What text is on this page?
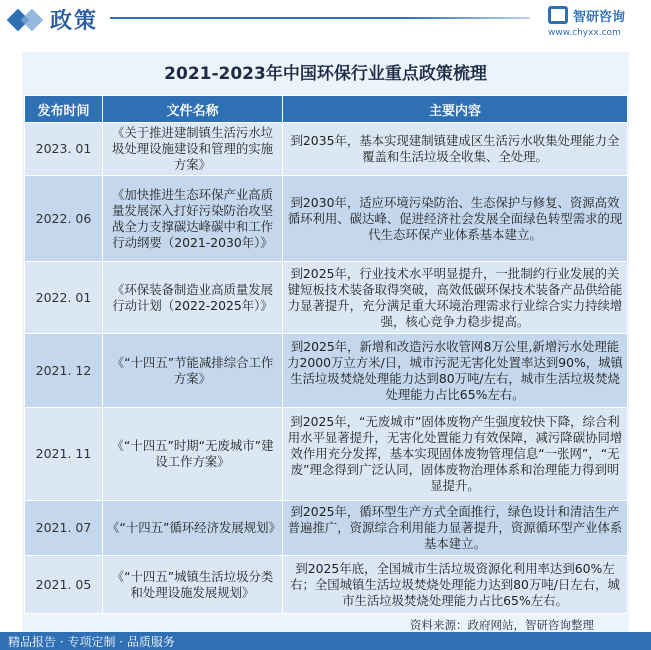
政策	智研咨询
www.chyxx.com
2021-2023年中国环保行业重点政策梳理
发布时间	文件名称	主要内容
2023. 01	《关于推进建制镇生活污水垃圾处理设施建设和管理的实施方案》	到2035年，基本实现建制镇建成区生活污水收集处理能力全覆盖和生活垃圾全收集、全处理。
2022. 06	《加快推进生态环保产业高质量发展深入打好污染防治攻坚战全力支撑碳达峰碳中和工作行动纲要（2021-2030年）》	到2030年，适应环境污染防治、生态保护与修复、资源高效循环利用、碳达峰、促进经济社会发展全面绿色转型需求的现代生态环保产业体系基本建立。
2022. 01	《环保装备制造业高质量发展行动计划（2022-2025年）》	到2025年，行业技术水平明显提升，一批制约行业发展的关键短板技术装备取得突破，高效低碳环保技术装备产品供给能力显著提升，充分满足重大环境治理需求行业综合实力持续增强，核心竞争力稳步提高。
2021. 12	《“十四五”节能减排综合工作方案》	到2025年，新增和改造污水收管网8万公里,新增污水处理能力2000万立方米/日，城市污泥无害化处置率达到90%，城镇生活垃圾焚烧处理能力达到80万吨/左右，城市生活垃圾焚烧处理能力占比65%左右。
2021. 11	《“十四五”时期“无废城市”建设工作方案》	到2025年，“无废城市”固体废物产生强度较快下降，综合利用水平显著提升，无害化处置能力有效保障，减污降碳协同增效作用充分发挥，基本实现固体废物管理信息“一张网”，“无废”理念得到广泛认同，固体废物治理体系和治理能力得到明显提升。
2021. 07	《“十四五”循环经济发展规划》	到2025年，循环型生产方式全面推行，绿色设计和清洁生产普遍推广，资源综合利用能力显著提升，资源循环型产业体系基本建立。
2021. 05	《“十四五”城镇生活垃圾分类和处理设施发展规划》	到2025年底，全国城市生活垃圾资源化利用率达到60%左右；全国城镇生活垃圾焚烧处理能力达到80万吨/日左右，城市生活垃圾焚烧处理能力占比65%左右。
资料来源：政府网站，智研咨询整理
精品报告 · 专项定制 · 品质服务
